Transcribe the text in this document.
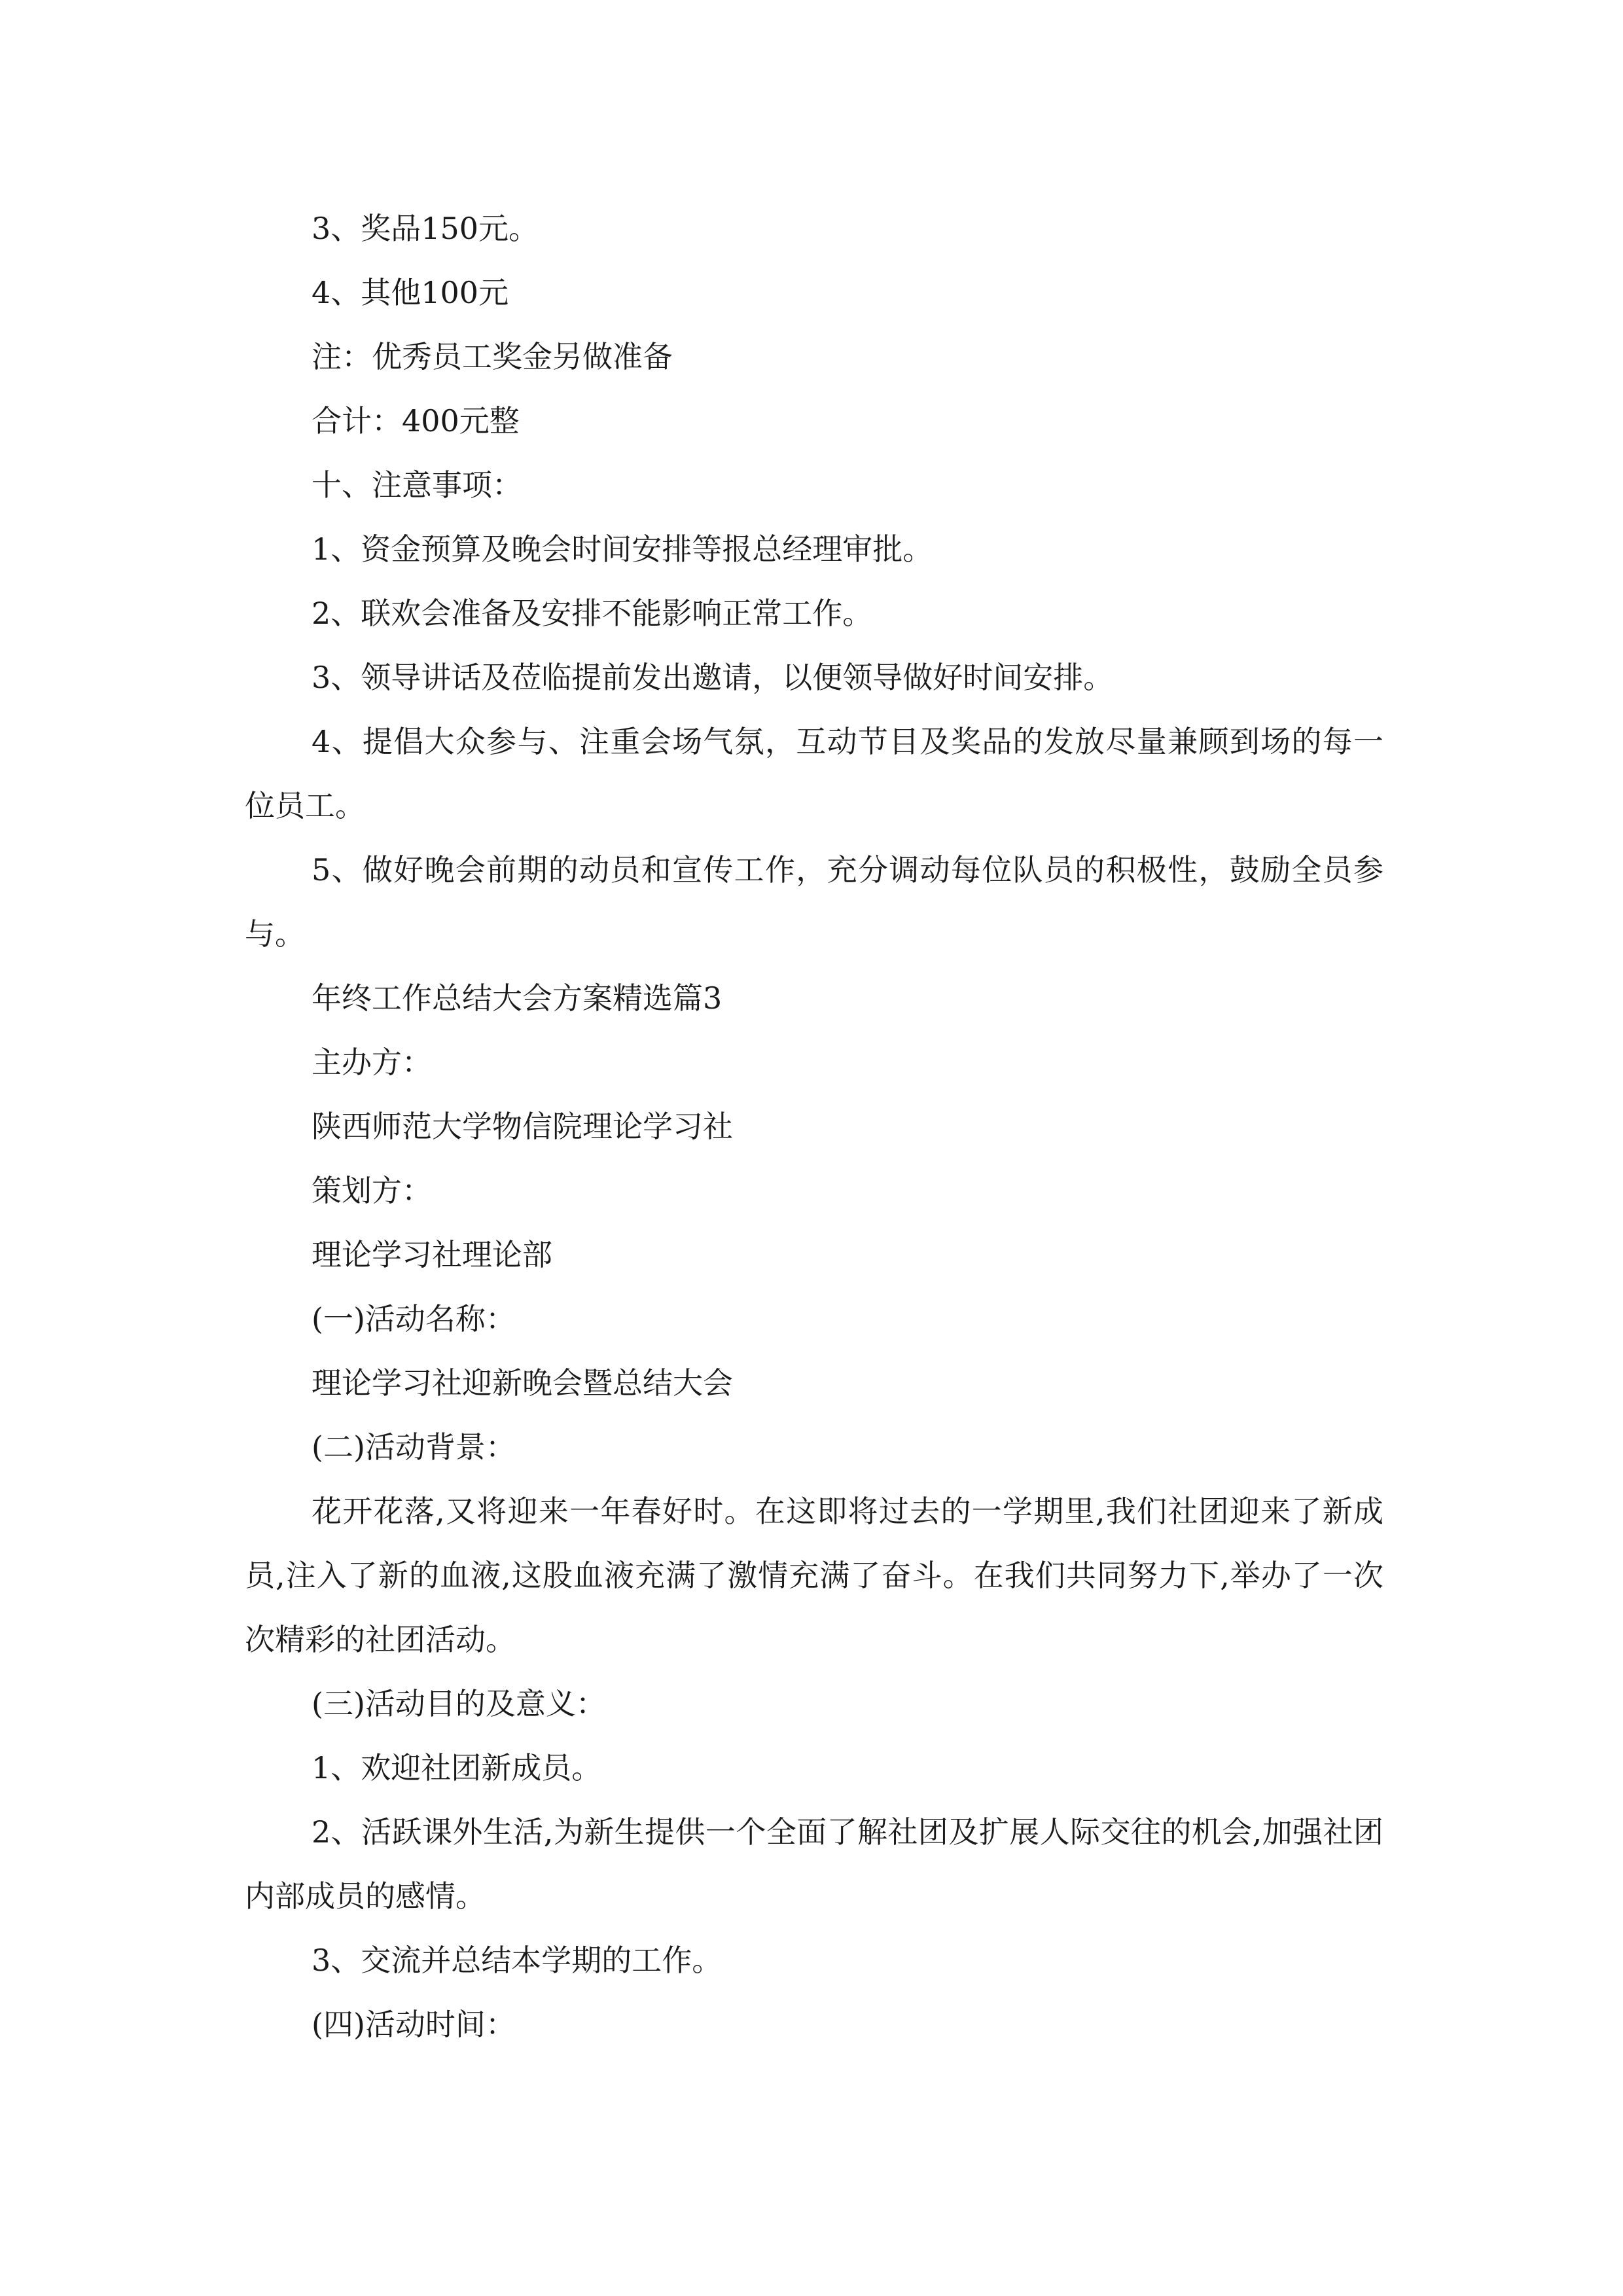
3、奖品150元。

4、其他100元

注：优秀员工奖金另做准备

合计：400元整

十、注意事项：

1、资金预算及晚会时间安排等报总经理审批。

2、联欢会准备及安排不能影响正常工作。

3、领导讲话及莅临提前发出邀请，以便领导做好时间安排。

4、提倡大众参与、注重会场气氛，互动节目及奖品的发放尽量兼顾到场的每一位员工。

5、做好晚会前期的动员和宣传工作，充分调动每位队员的积极性，鼓励全员参与。

年终工作总结大会方案精选篇3

主办方：

陕西师范大学物信院理论学习社

策划方：

理论学习社理论部

(一)活动名称：

理论学习社迎新晚会暨总结大会

(二)活动背景：

花开花落,又将迎来一年春好时。在这即将过去的一学期里,我们社团迎来了新成员,注入了新的血液,这股血液充满了激情充满了奋斗。在我们共同努力下,举办了一次次精彩的社团活动。

(三)活动目的及意义：

1、欢迎社团新成员。

2、活跃课外生活,为新生提供一个全面了解社团及扩展人际交往的机会,加强社团内部成员的感情。

3、交流并总结本学期的工作。

(四)活动时间：
